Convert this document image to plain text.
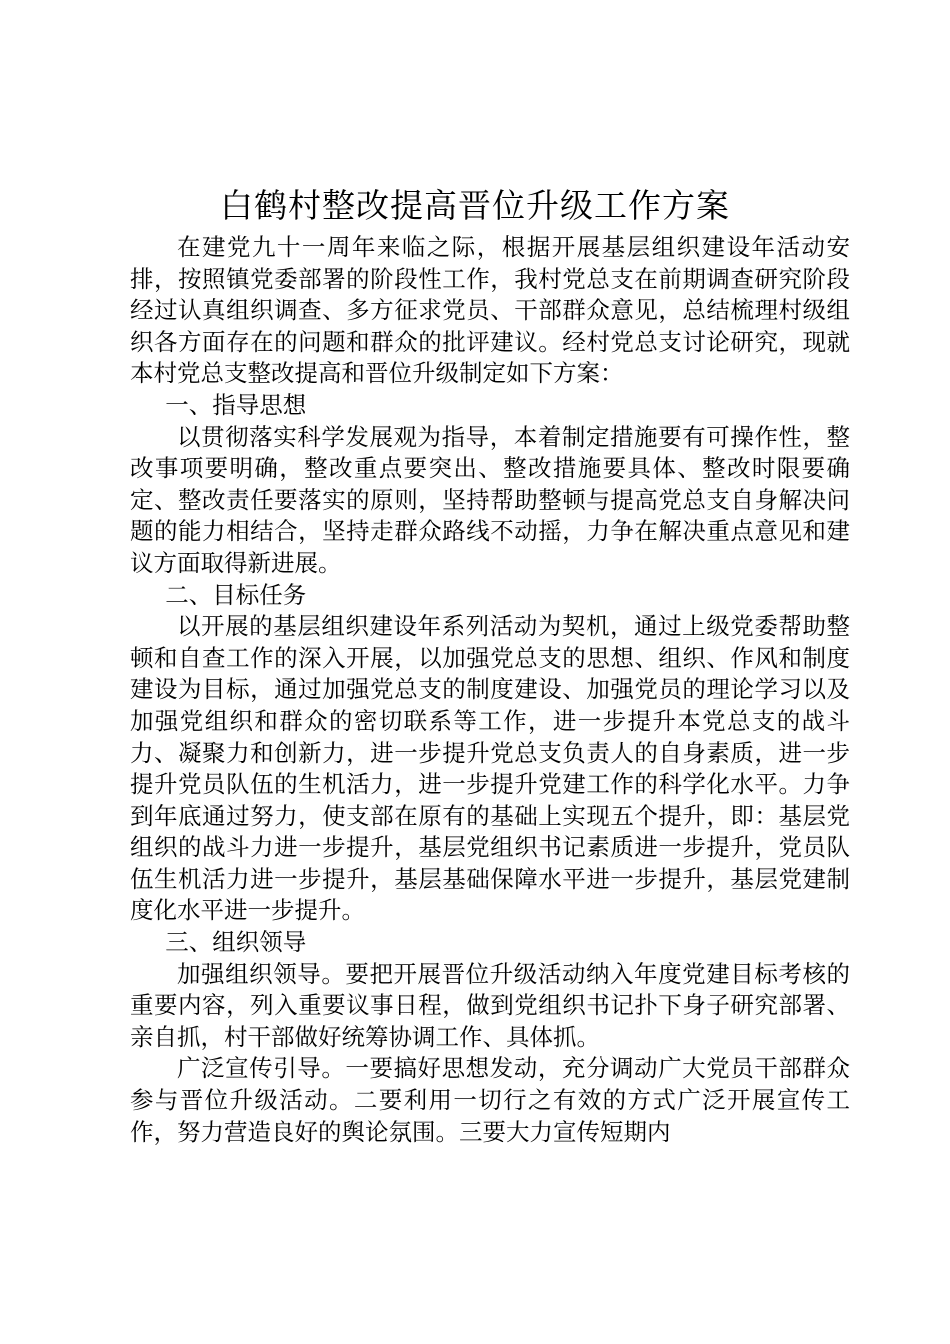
白鹤村整改提高晋位升级工作方案

在建党九十一周年来临之际，根据开展基层组织建设年活动安排，按照镇党委部署的阶段性工作，我村党总支在前期调查研究阶段经过认真组织调查、多方征求党员、干部群众意见，总结梳理村级组织各方面存在的问题和群众的批评建议。经村党总支讨论研究，现就本村党总支整改提高和晋位升级制定如下方案：

一、指导思想

以贯彻落实科学发展观为指导，本着制定措施要有可操作性，整改事项要明确，整改重点要突出、整改措施要具体、整改时限要确定、整改责任要落实的原则，坚持帮助整顿与提高党总支自身解决问题的能力相结合，坚持走群众路线不动摇，力争在解决重点意见和建议方面取得新进展。

二、目标任务

以开展的基层组织建设年系列活动为契机，通过上级党委帮助整顿和自查工作的深入开展，以加强党总支的思想、组织、作风和制度建设为目标，通过加强党总支的制度建设、加强党员的理论学习以及加强党组织和群众的密切联系等工作，进一步提升本党总支的战斗力、凝聚力和创新力，进一步提升党总支负责人的自身素质，进一步提升党员队伍的生机活力，进一步提升党建工作的科学化水平。力争到年底通过努力，使支部在原有的基础上实现五个提升，即：基层党组织的战斗力进一步提升，基层党组织书记素质进一步提升，党员队伍生机活力进一步提升，基层基础保障水平进一步提升，基层党建制度化水平进一步提升。

三、组织领导

加强组织领导。要把开展晋位升级活动纳入年度党建目标考核的重要内容，列入重要议事日程，做到党组织书记扑下身子研究部署、亲自抓，村干部做好统筹协调工作、具体抓。

广泛宣传引导。一要搞好思想发动，充分调动广大党员干部群众参与晋位升级活动。二要利用一切行之有效的方式广泛开展宣传工作，努力营造良好的舆论氛围。三要大力宣传短期内
